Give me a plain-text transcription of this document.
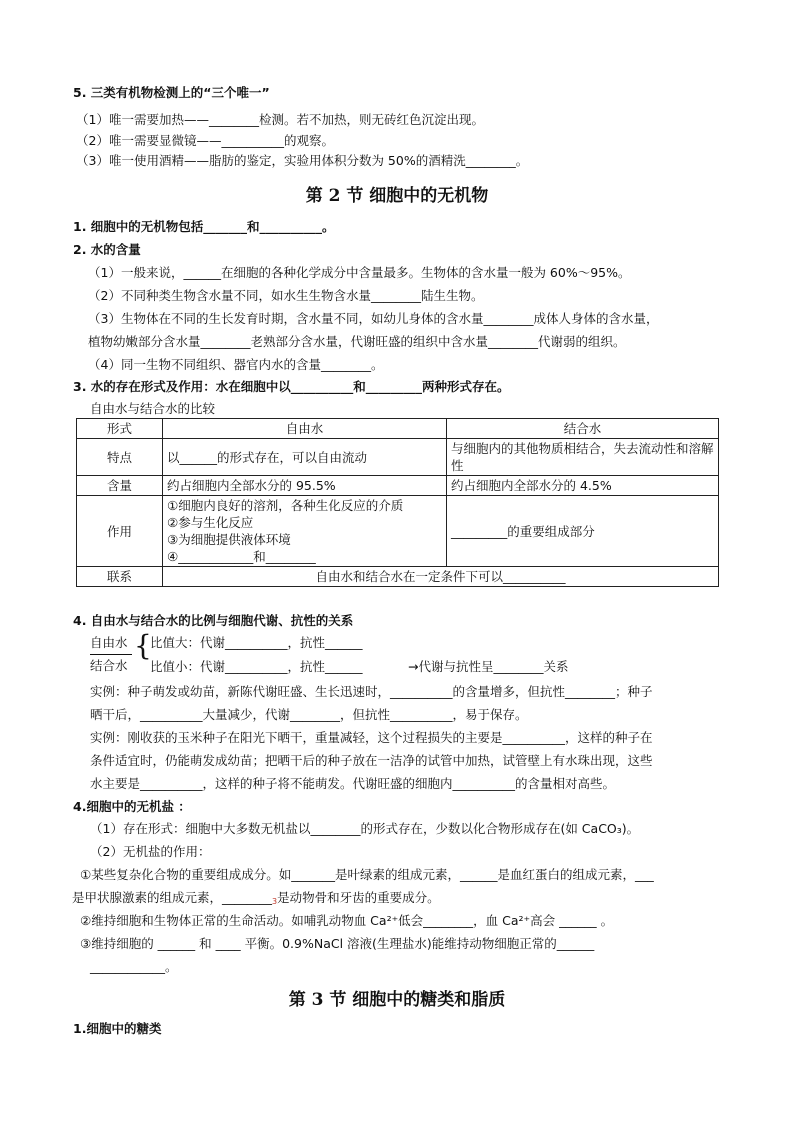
5. 三类有机物检测上的“三个唯一”
（1）唯一需要加热——________检测。若不加热，则无砖红色沉淀出现。
（2）唯一需要显微镜——__________的观察。
（3）唯一使用酒精——脂肪的鉴定，实验用体积分数为 50%的酒精洗________。
第 2 节 细胞中的无机物
1. 细胞中的无机物包括_______和__________。
2. 水的含量
（1）一般来说，______在细胞的各种化学成分中含量最多。生物体的含水量一般为 60%～95%。
（2）不同种类生物含水量不同，如水生生物含水量________陆生生物。
（3）生物体在不同的生长发育时期，含水量不同，如幼儿身体的含水量________成体人身体的含水量，
植物幼嫩部分含水量________老熟部分含水量，代谢旺盛的组织中含水量________代谢弱的组织。
（4）同一生物不同组织、器官内水的含量________。
3. 水的存在形式及作用：水在细胞中以__________和_________两种形式存在。
自由水与结合水的比较
形式	自由水	结合水
特点	以______的形式存在，可以自由流动	与细胞内的其他物质相结合，失去流动性和溶解性
含量	约占细胞内全部水分的 95.5%	约占细胞内全部水分的 4.5%
作用	①细胞内良好的溶剂，各种生化反应的介质
②参与生化反应
③为细胞提供液体环境
④____________和________	_________的重要组成部分
联系	自由水和结合水在一定条件下可以__________	
4. 自由水与结合水的比例与细胞代谢、抗性的关系
自由水
结合水
{
比值大：代谢__________，抗性______
比值小：代谢__________，抗性______	→代谢与抗性呈________关系
实例：种子萌发或幼苗，新陈代谢旺盛、生长迅速时，__________的含量增多，但抗性________；种子
晒干后，__________大量减少，代谢________，但抗性__________，易于保存。
实例：刚收获的玉米种子在阳光下晒干，重量减轻，这个过程损失的主要是__________，这样的种子在
条件适宜时，仍能萌发成幼苗；把晒干后的种子放在一洁净的试管中加热，试管壁上有水珠出现，这些
水主要是__________，这样的种子将不能萌发。代谢旺盛的细胞内__________的含量相对高些。
4.细胞中的无机盐 ：
（1）存在形式：细胞中大多数无机盐以________的形式存在，少数以化合物形成存在(如 CaCO₃)。
（2）无机盐的作用：
①某些复杂化合物的重要组成成分。如_______是叶绿素的组成元素，______是血红蛋白的组成元素，___
是甲状腺激素的组成元素，________3是动物骨和牙齿的重要成分。
②维持细胞和生物体正常的生命活动。如哺乳动物血 Ca²⁺低会________，血 Ca²⁺高会 ______ 。
③维持细胞的 ______ 和 ____ 平衡。0.9%NaCl 溶液(生理盐水)能维持动物细胞正常的______
____________。
第 3 节 细胞中的糖类和脂质
1.细胞中的糖类
